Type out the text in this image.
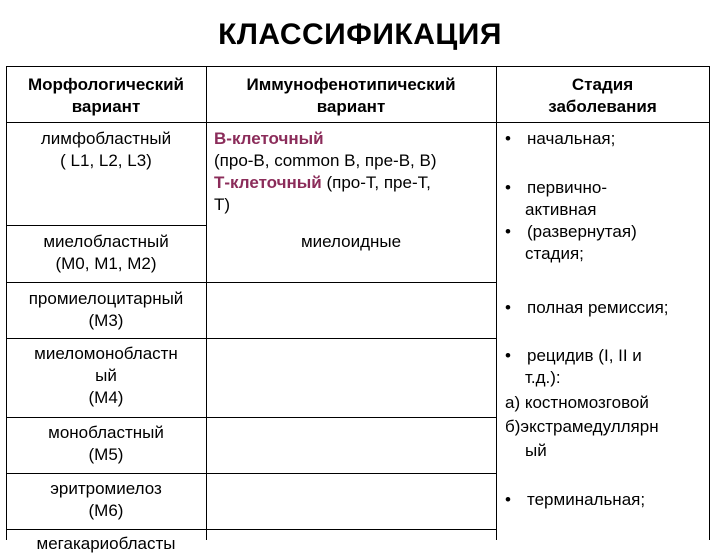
КЛАССИФИКАЦИЯ
Морфологический
вариант
Иммунофенотипический
вариант
Стадия
заболевания
лимфобластный
( L1, L2, L3)
миелобластный
(М0, М1, М2)
промиелоцитарный
(М3)
миеломонобластн
ый
(М4)
монобластный
(М5)
эритромиелоз
(М6)
мегакариобласты
В-клеточный
(про-В, common B, пре-В, В)
Т-клеточный (про-Т, пре-Т,
Т)
миелоидные
• начальная;
• первично-
активная
• (развернутая)
стадия;
• полная ремиссия;
• рецидив (I, II и
т.д.):
а) костномозговой
б)экстрамедуллярн
ый
• терминальная;
